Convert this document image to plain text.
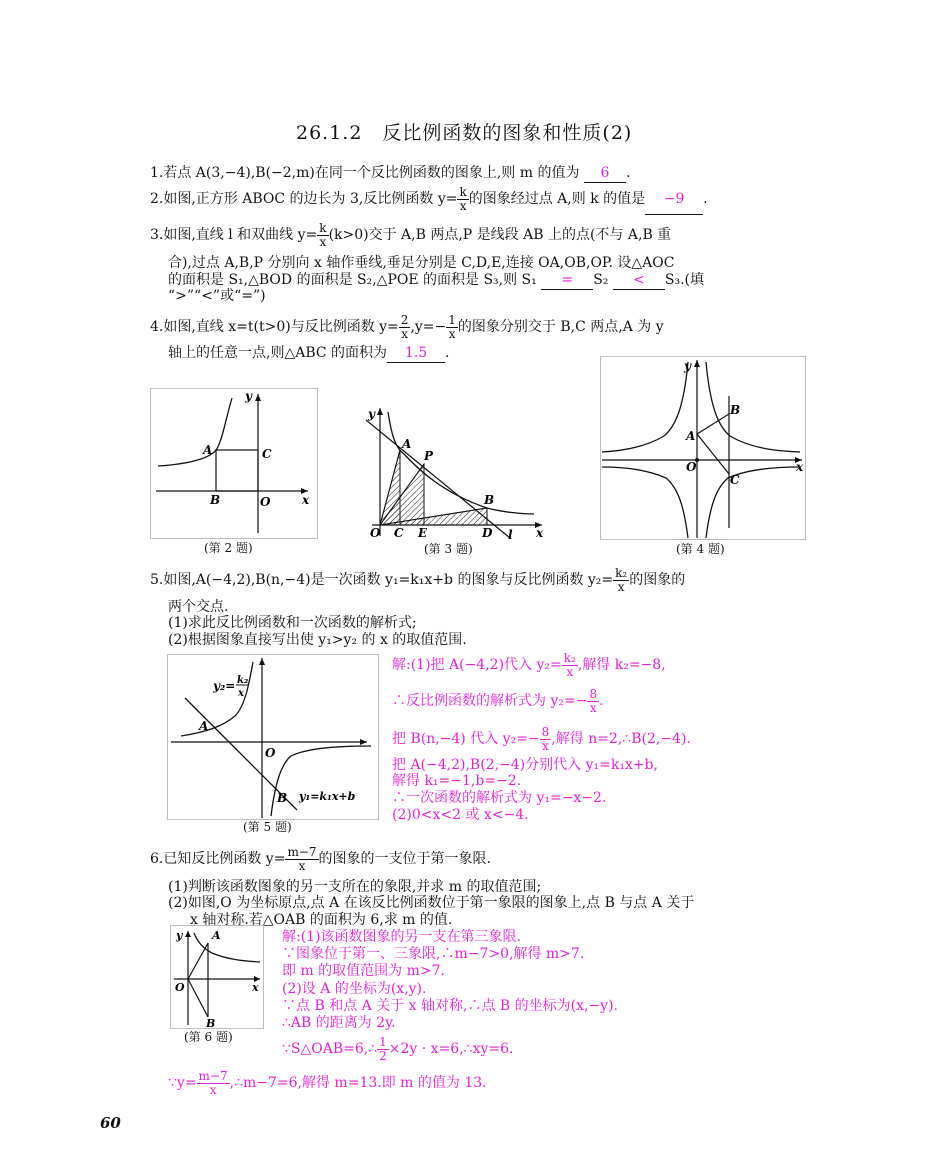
26.1.2　反比例函数的图象和性质(2)
1.若点 A(3,−4),B(−2,m)在同一个反比例函数的图象上,则 m 的值为 6 .
2.如图,正方形 ABOC 的边长为 3,反比例函数 $y= \frac{k}{x}$ 的图象经过点 A,则 k 的值是 −9 .
3.如图,直线 l 和双曲线 $y= \frac{k}{x} (k>0)$交于 A,B 两点,P 是线段 AB 上的点(不与 A,B 重
合),过点 A,B,P 分别向 x 轴作垂线,垂足分别是 C,D,E,连接 OA,OB,OP. 设△AOC
的面积是 S₁,△BOD 的面积是 S₂,△POE 的面积是 S₃,则 S₁ = S₂ < S₃.(填
“>”“<”或“=”)
4.如图,直线 x=t(t>0)与反比例函数 $y= \frac{2}{x} ,y=- \frac{1}{x}$ 的图象分别交于 B,C 两点,A 为 y
轴上的任意一点,则△ABC 的面积为 1.5 .
y
A	C
B	O	x
(第 2 题)
y
A
P
B
O C E	D	x
l
(第 3 题)
y
B
A
O	x
C
(第 4 题)
5.如图,A(−4,2),B(n,−4)是一次函数 y₁=k₁x+b 的图象与反比例函数 $y_2= \frac{\text{k₂}}{x}$ 的图象的
两个交点.
(1)求此反比例函数和一次函数的解析式;
(2)根据图象直接写出使 y₁>y₂ 的 x 的取值范围.
y₂= k₂
x
A
O
B y₁=k₁x+b
(第 5 题)
解:(1)把 A(−4,2)代入 $y_2= \frac{\text{k₂}}{x}$ ,解得 k₂=−8,
∴反比例函数的解析式为 $y_2=- \frac{8}{x}$ .
把 B(n,−4) 代入 $y_2=- \frac{8}{x}$ ,解得 n=2,∴B(2,−4).
把 A(−4,2),B(2,−4)分别代入 y₁=k₁x+b,
解得 k₁=−1,b=−2.
∴一次函数的解析式为 y₁=−x−2.
(2)0<x<2 或 x<−4.
6.已知反比例函数 $y= \frac{m-7}{x}$ 的图象的一支位于第一象限.
(1)判断该函数图象的另一支所在的象限,并求 m 的取值范围;
(2)如图,O 为坐标原点,点 A 在该反比例函数位于第一象限的图象上,点 B 与点 A 关于
x 轴对称.若△OAB 的面积为 6,求 m 的值.
y	A
O	x
B
(第 6 题)
解:(1)该函数图象的另一支在第三象限.
∵图象位于第一、三象限,∴m−7>0,解得 m>7.
即 m 的取值范围为 m>7.
(2)设 A 的坐标为(x,y).
∵点 B 和点 A 关于 x 轴对称,∴点 B 的坐标为(x,−y).
∴AB 的距离为 2y.
∵S△OAB=6,∴ $\frac{1}{2} \times 2y$ · x=6,∴xy=6.
∵y= $\frac{m-7}{x}$ ,∴m−7=6,解得 m=13.即 m 的值为 13.
60
